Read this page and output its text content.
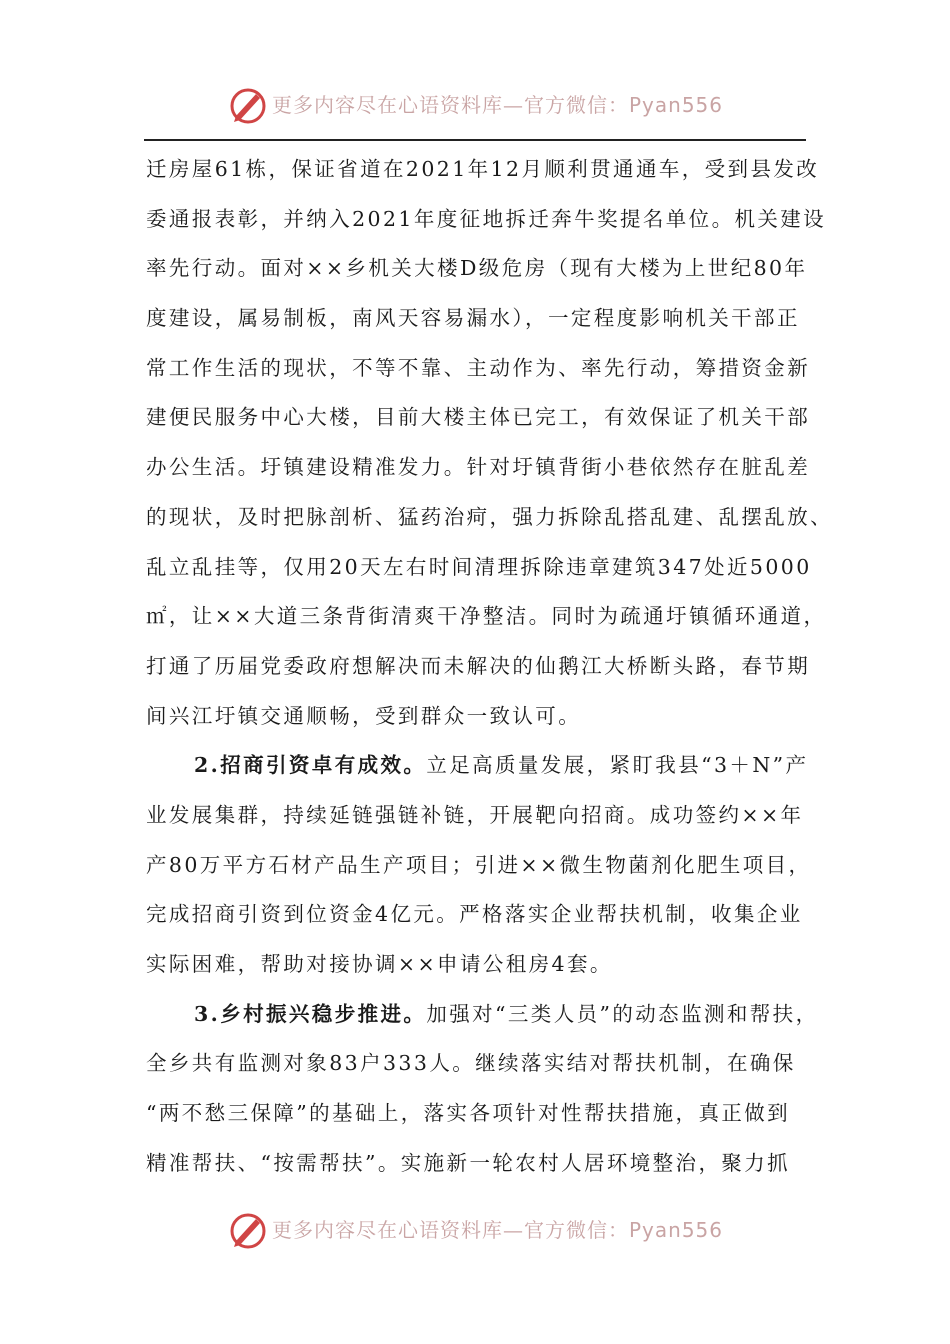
更多内容尽在心语资料库—官方微信：Pyan556
迁房屋61栋，保证省道在2021年12月顺利贯通通车，受到县发改
委通报表彰，并纳入2021年度征地拆迁奔牛奖提名单位。机关建设
率先行动。面对××乡机关大楼D级危房（现有大楼为上世纪80年
度建设，属易制板，南风天容易漏水），一定程度影响机关干部正
常工作生活的现状，不等不靠、主动作为、率先行动，筹措资金新
建便民服务中心大楼，目前大楼主体已完工，有效保证了机关干部
办公生活。圩镇建设精准发力。针对圩镇背街小巷依然存在脏乱差
的现状，及时把脉剖析、猛药治疴，强力拆除乱搭乱建、乱摆乱放、
乱立乱挂等，仅用20天左右时间清理拆除违章建筑347处近5000
㎡，让××大道三条背街清爽干净整洁。同时为疏通圩镇循环通道，
打通了历届党委政府想解决而未解决的仙鹅江大桥断头路，春节期
间兴江圩镇交通顺畅，受到群众一致认可。
2.招商引资卓有成效。立足高质量发展，紧盯我县“3＋N”产
业发展集群，持续延链强链补链，开展靶向招商。成功签约××年
产80万平方石材产品生产项目；引进××微生物菌剂化肥生项目，
完成招商引资到位资金4亿元。严格落实企业帮扶机制，收集企业
实际困难，帮助对接协调××申请公租房4套。
3.乡村振兴稳步推进。加强对“三类人员”的动态监测和帮扶，
全乡共有监测对象83户333人。继续落实结对帮扶机制，在确保
“两不愁三保障”的基础上，落实各项针对性帮扶措施，真正做到
精准帮扶、“按需帮扶”。实施新一轮农村人居环境整治，聚力抓
更多内容尽在心语资料库—官方微信：Pyan556
